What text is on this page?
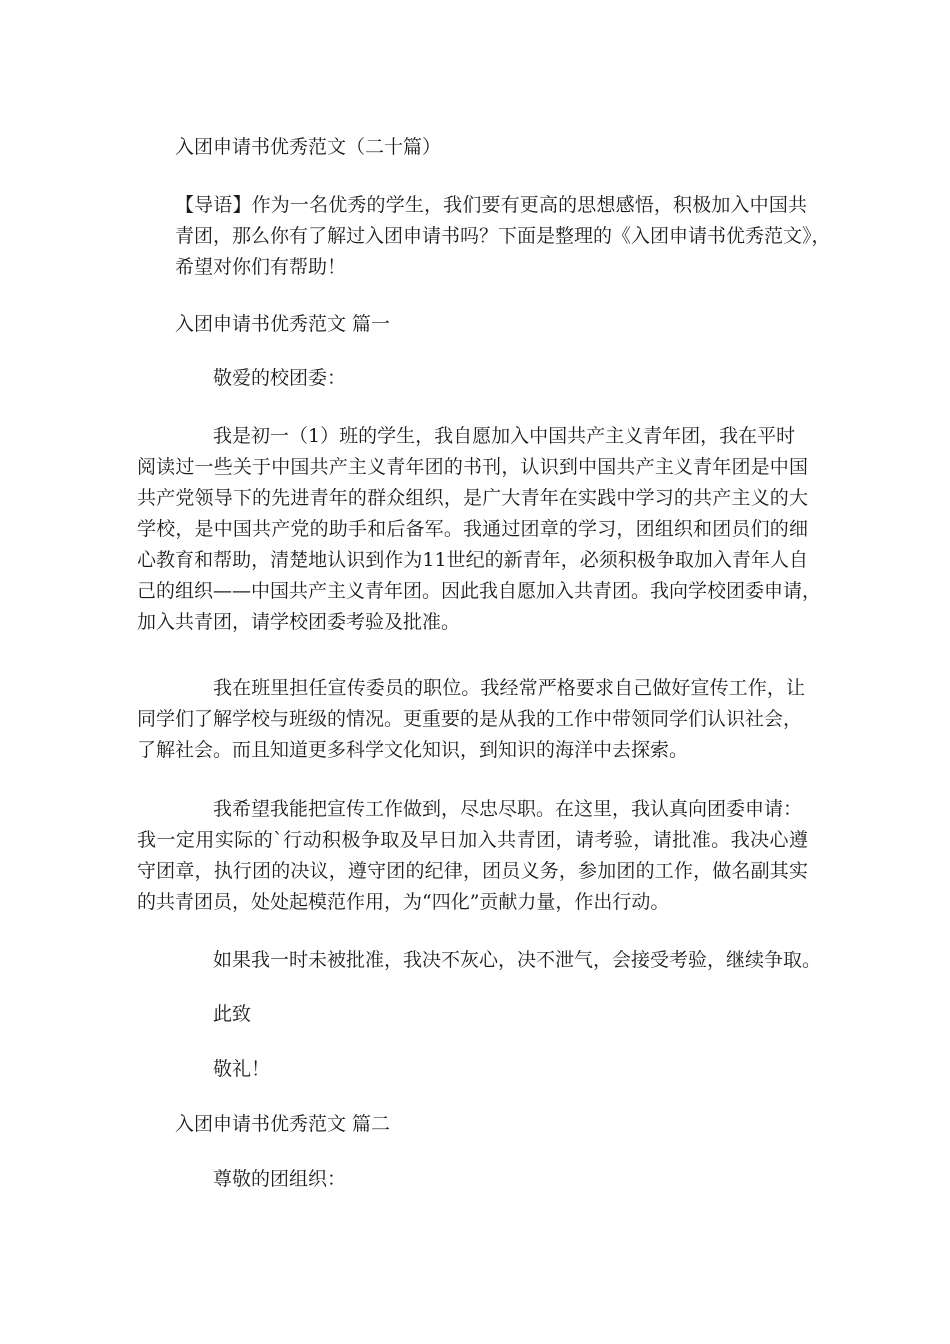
入团申请书优秀范文（二十篇）

【导语】作为一名优秀的学生，我们要有更高的思想感悟，积极加入中国共
青团，那么你有了解过入团申请书吗？下面是整理的《入团申请书优秀范文》，
希望对你们有帮助！

入团申请书优秀范文 篇一

敬爱的校团委：

我是初一（1）班的学生，我自愿加入中国共产主义青年团，我在平时
阅读过一些关于中国共产主义青年团的书刊，认识到中国共产主义青年团是中国
共产党领导下的先进青年的群众组织，是广大青年在实践中学习的共产主义的大
学校，是中国共产党的助手和后备军。我通过团章的学习，团组织和团员们的细
心教育和帮助，清楚地认识到作为11世纪的新青年，必须积极争取加入青年人自
己的组织——中国共产主义青年团。因此我自愿加入共青团。我向学校团委申请，
加入共青团，请学校团委考验及批准。
我在班里担任宣传委员的职位。我经常严格要求自己做好宣传工作，让
同学们了解学校与班级的情况。更重要的是从我的工作中带领同学们认识社会，
了解社会。而且知道更多科学文化知识，到知识的海洋中去探索。
我希望我能把宣传工作做到，尽忠尽职。在这里，我认真向团委申请：
我一定用实际的`行动积极争取及早日加入共青团，请考验，请批准。我决心遵
守团章，执行团的决议，遵守团的纪律，团员义务，参加团的工作，做名副其实
的共青团员，处处起模范作用，为“四化”贡献力量，作出行动。

如果我一时未被批准，我决不灰心，决不泄气，会接受考验，继续争取。

此致

敬礼！

入团申请书优秀范文 篇二

尊敬的团组织：
